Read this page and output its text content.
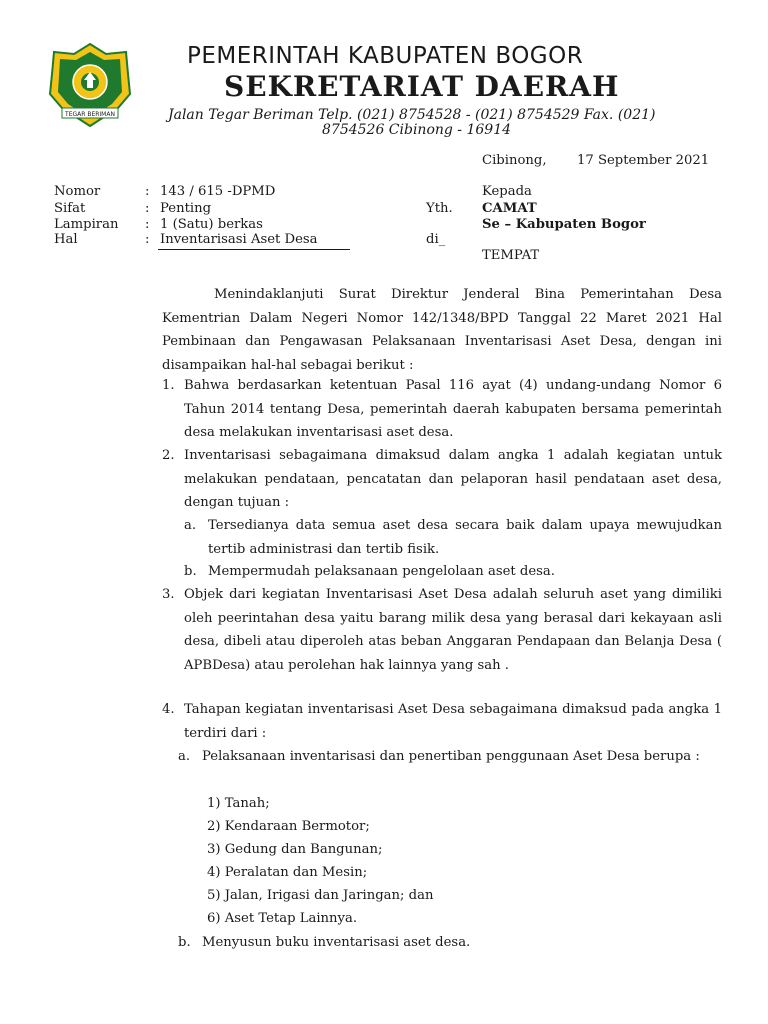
TEGAR BERIMAN
PEMERINTAH KABUPATEN BOGOR
SEKRETARIAT DAERAH
Jalan Tegar Beriman Telp. (021) 8754528 - (021) 8754529 Fax. (021)
8754526 Cibinong - 16914
Cibinong, 17 September 2021
Nomor	: 143 / 615 -DPMD
Sifat	: Penting
Lampiran : 1 (Satu) berkas
Hal	: Inventarisasi Aset Desa
Kepada
Yth. CAMAT
Se – Kabupaten Bogor
di_
TEMPAT
Menindaklanjuti Surat Direktur Jenderal Bina Pemerintahan Desa Kementrian Dalam Negeri Nomor 142/1348/BPD Tanggal 22 Maret 2021 Hal Pembinaan dan Pengawasan Pelaksanaan Inventarisasi Aset Desa, dengan ini disampaikan hal-hal sebagai berikut :
1. Bahwa berdasarkan ketentuan Pasal 116 ayat (4) undang-undang Nomor 6 Tahun 2014 tentang Desa, pemerintah daerah kabupaten bersama pemerintah desa melakukan inventarisasi aset desa.
2. Inventarisasi sebagaimana dimaksud dalam angka 1 adalah kegiatan untuk melakukan pendataan, pencatatan dan pelaporan hasil pendataan aset desa, dengan tujuan :
a. Tersedianya data semua aset desa secara baik dalam upaya mewujudkan tertib administrasi dan tertib fisik.
b. Mempermudah pelaksanaan pengelolaan aset desa.
3. Objek dari kegiatan Inventarisasi Aset Desa adalah seluruh aset yang dimiliki oleh peerintahan desa yaitu barang milik desa yang berasal dari kekayaan asli desa, dibeli atau diperoleh atas beban Anggaran Pendapaan dan Belanja Desa ( APBDesa) atau perolehan hak lainnya yang sah .
4. Tahapan kegiatan inventarisasi Aset Desa sebagaimana dimaksud pada angka 1 terdiri dari :
a. Pelaksanaan inventarisasi dan penertiban penggunaan Aset Desa berupa :
1) Tanah;
2) Kendaraan Bermotor;
3) Gedung dan Bangunan;
4) Peralatan dan Mesin;
5) Jalan, Irigasi dan Jaringan; dan
6) Aset Tetap Lainnya.
b. Menyusun buku inventarisasi aset desa.
